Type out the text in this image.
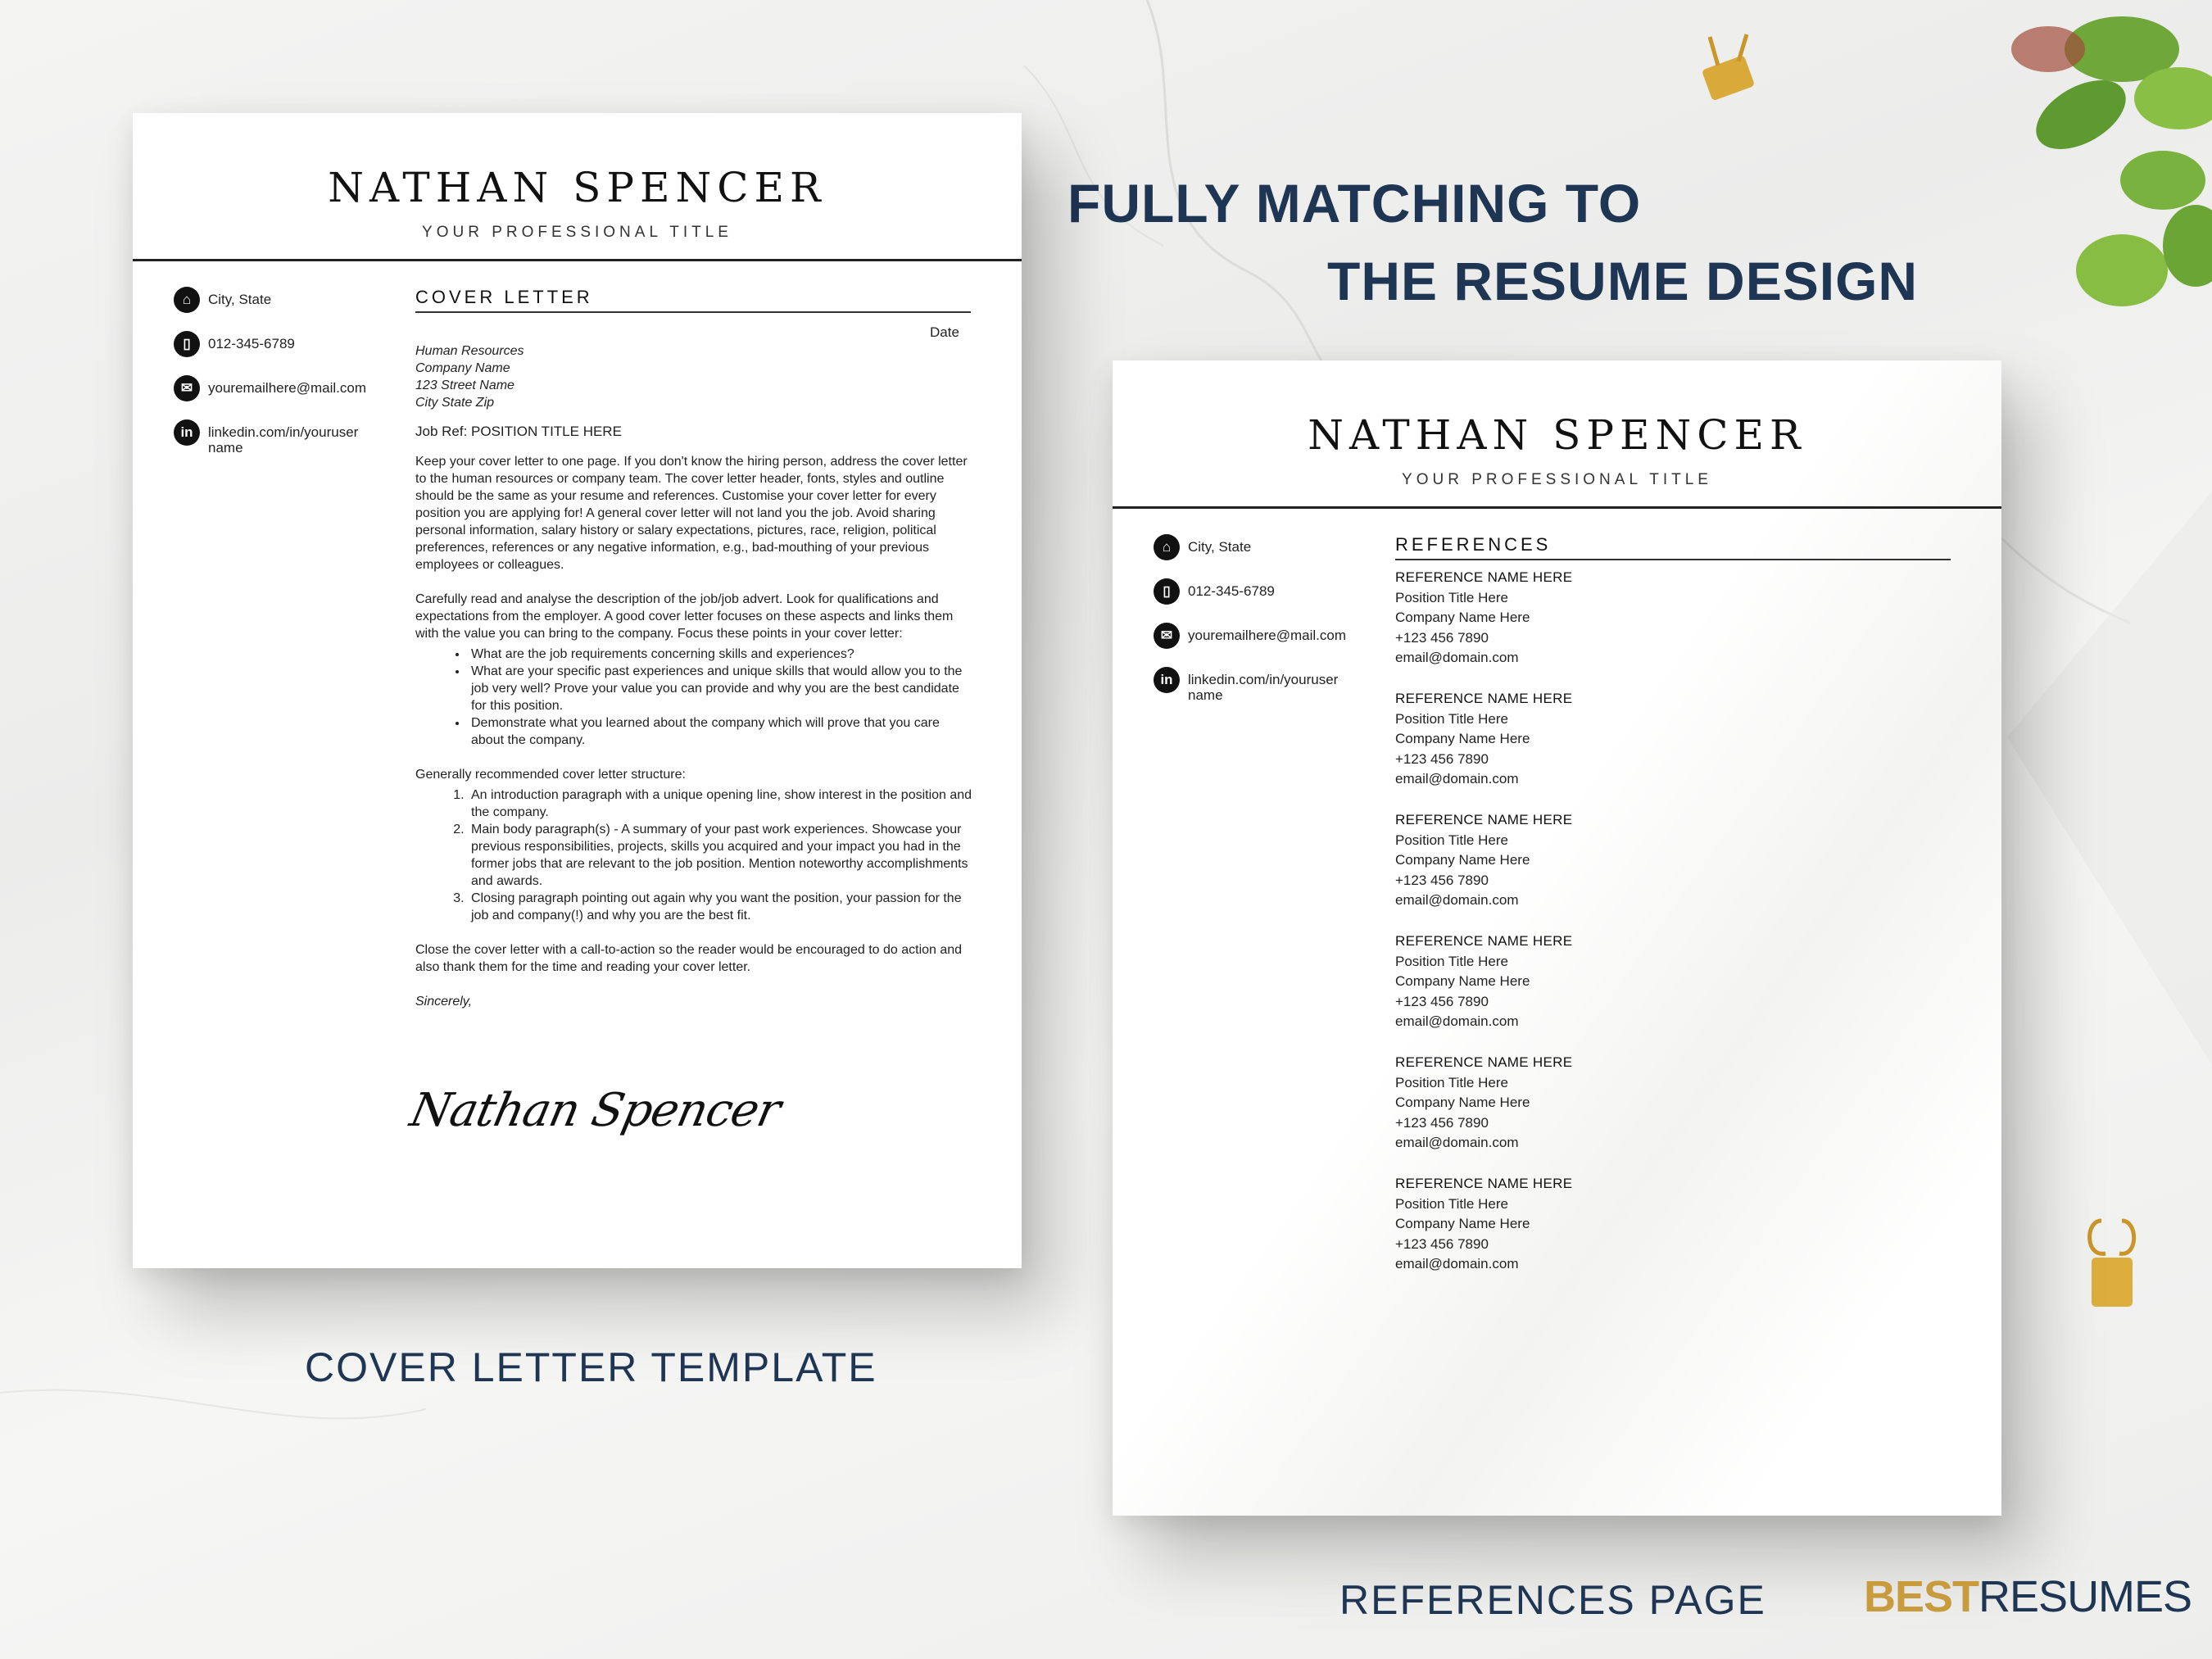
FULLY MATCHING TO
THE RESUME DESIGN
NATHAN SPENCER
YOUR PROFESSIONAL TITLE
⌂	City, State
▯	012-345-6789
✉	youremailhere@mail.com
in	linkedin.com/in/youruser name
COVER LETTER
Date
Human Resources
Company Name
123 Street Name
City State Zip

Job Ref: POSITION TITLE HERE

Keep your cover letter to one page. If you don't know the hiring person, address the cover letter to the human resources or company team. The cover letter header, fonts, styles and outline should be the same as your resume and references. Customise your cover letter for every position you are applying for! A general cover letter will not land you the job. Avoid sharing personal information, salary history or salary expectations, pictures, race, religion, political preferences, references or any negative information, e.g., bad-mouthing of your previous employees or colleagues.

Carefully read and analyse the description of the job/job advert. Look for qualifications and expectations from the employer. A good cover letter focuses on these aspects and links them with the value you can bring to the company. Focus these points in your cover letter:

• What are the job requirements concerning skills and experiences?
• What are your specific past experiences and unique skills that would allow you to the job very well? Prove your value you can provide and why you are the best candidate for this position.
• Demonstrate what you learned about the company which will prove that you care about the company.

Generally recommended cover letter structure:

1. An introduction paragraph with a unique opening line, show interest in the position and the company.
2. Main body paragraph(s) - A summary of your past work experiences. Showcase your previous responsibilities, projects, skills you acquired and your impact you had in the former jobs that are relevant to the job position. Mention noteworthy accomplishments and awards.
3. Closing paragraph pointing out again why you want the position, your passion for the job and company(!) and why you are the best fit.

Close the cover letter with a call-to-action so the reader would be encouraged to do action and also thank them for the time and reading your cover letter.

Sincerely,

Nathan Spencer
NATHAN SPENCER
YOUR PROFESSIONAL TITLE
⌂	City, State
▯	012-345-6789
✉	youremailhere@mail.com
in	linkedin.com/in/youruser name
REFERENCES
REFERENCE NAME HERE
Position Title Here
Company Name Here
+123 456 7890
email@domain.com
REFERENCE NAME HERE
Position Title Here
Company Name Here
+123 456 7890
email@domain.com
REFERENCE NAME HERE
Position Title Here
Company Name Here
+123 456 7890
email@domain.com
REFERENCE NAME HERE
Position Title Here
Company Name Here
+123 456 7890
email@domain.com
REFERENCE NAME HERE
Position Title Here
Company Name Here
+123 456 7890
email@domain.com
REFERENCE NAME HERE
Position Title Here
Company Name Here
+123 456 7890
email@domain.com
COVER LETTER TEMPLATE
REFERENCES PAGE BESTRESUMES
